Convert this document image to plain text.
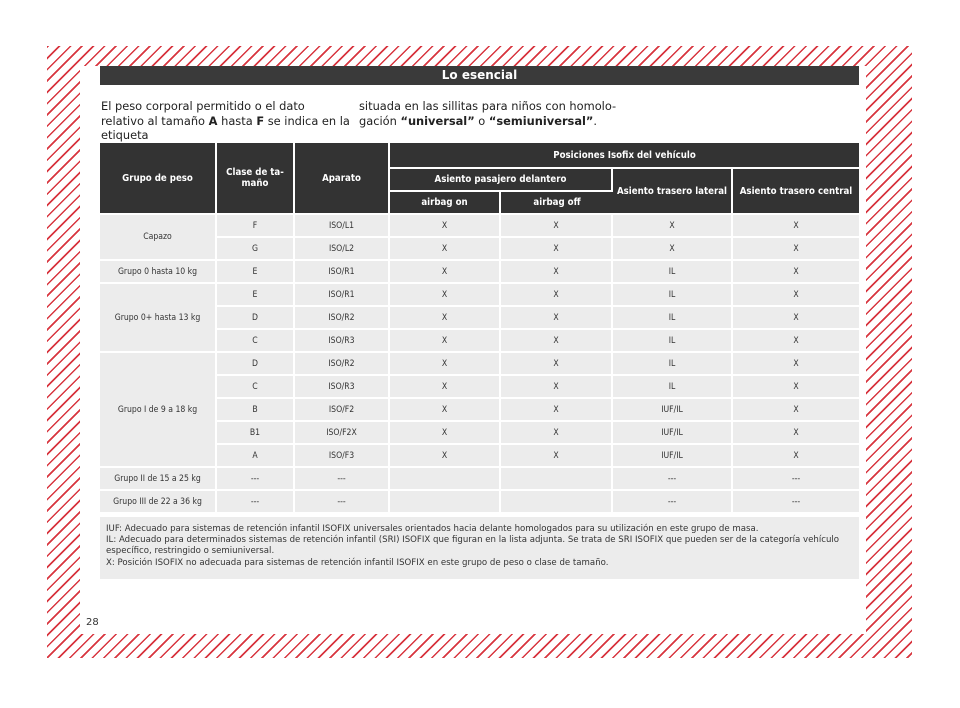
Lo esencial
El peso corporal permitido o el dato relativo al tamaño A hasta F se indica en la etiqueta
situada en las sillitas para niños con homolo-gación “universal” o “semiuniversal”.
Grupo de peso	Clase de ta-maño	Aparato	Posiciones Isofix del vehículo			
			Asiento pasajero delantero		Asiento trasero lateral	Asiento trasero central
			airbag on	airbag off		
Capazo	F	ISO/L1	X	X	X	X
	G	ISO/L2	X	X	X	X
Grupo 0 hasta 10 kg	E	ISO/R1	X	X	IL	X
Grupo 0+ hasta 13 kg	E	ISO/R1	X	X	IL	X
	D	ISO/R2	X	X	IL	X
	C	ISO/R3	X	X	IL	X
Grupo I de 9 a 18 kg	D	ISO/R2	X	X	IL	X
	C	ISO/R3	X	X	IL	X
	B	ISO/F2	X	X	IUF/IL	X
	B1	ISO/F2X	X	X	IUF/IL	X
	A	ISO/F3	X	X	IUF/IL	X
Grupo II de 15 a 25 kg	---	---			---	---
Grupo III de 22 a 36 kg	---	---			---	---
IUF: Adecuado para sistemas de retención infantil ISOFIX universales orientados hacia delante homologados para su utilización en este grupo de masa.
IL: Adecuado para determinados sistemas de retención infantil (SRI) ISOFIX que figuran en la lista adjunta. Se trata de SRI ISOFIX que pueden ser de la categoría vehículo específico, restringido o semiuniversal.
X: Posición ISOFIX no adecuada para sistemas de retención infantil ISOFIX en este grupo de peso o clase de tamaño.
28
